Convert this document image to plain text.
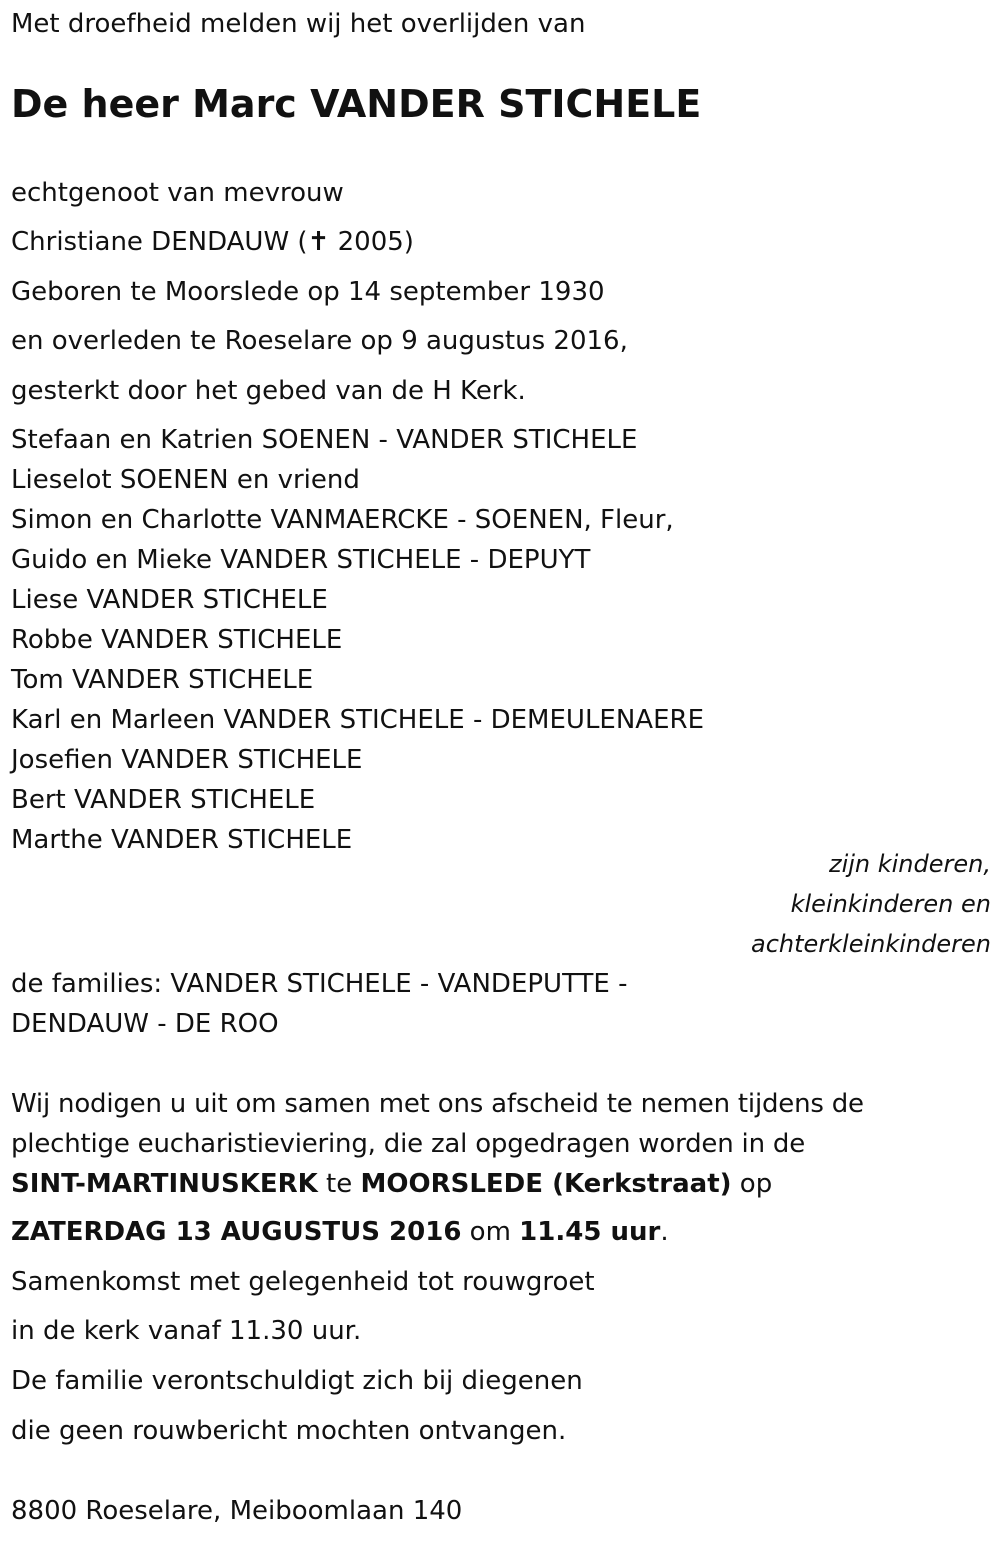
Met droefheid melden wij het overlijden van
De heer Marc VANDER STICHELE
echtgenoot van mevrouw
Christiane DENDAUW (✝ 2005)
Geboren te Moorslede op 14 september 1930
en overleden te Roeselare op 9 augustus 2016,
gesterkt door het gebed van de H Kerk.
Stefaan en Katrien SOENEN - VANDER STICHELE
Lieselot SOENEN en vriend
Simon en Charlotte VANMAERCKE - SOENEN, Fleur,
Guido en Mieke VANDER STICHELE - DEPUYT
Liese VANDER STICHELE
Robbe VANDER STICHELE
Tom VANDER STICHELE
Karl en Marleen VANDER STICHELE - DEMEULENAERE
Josefien VANDER STICHELE
Bert VANDER STICHELE
Marthe VANDER STICHELE
zijn kinderen,
kleinkinderen en
achterkleinkinderen
de families: VANDER STICHELE - VANDEPUTTE -
DENDAUW - DE ROO
Wij nodigen u uit om samen met ons afscheid te nemen tijdens de
plechtige eucharistieviering, die zal opgedragen worden in de
SINT-MARTINUSKERK te MOORSLEDE (Kerkstraat) op
ZATERDAG 13 AUGUSTUS 2016 om 11.45 uur.
Samenkomst met gelegenheid tot rouwgroet
in de kerk vanaf 11.30 uur.
De familie verontschuldigt zich bij diegenen
die geen rouwbericht mochten ontvangen.
8800 Roeselare, Meiboomlaan 140
